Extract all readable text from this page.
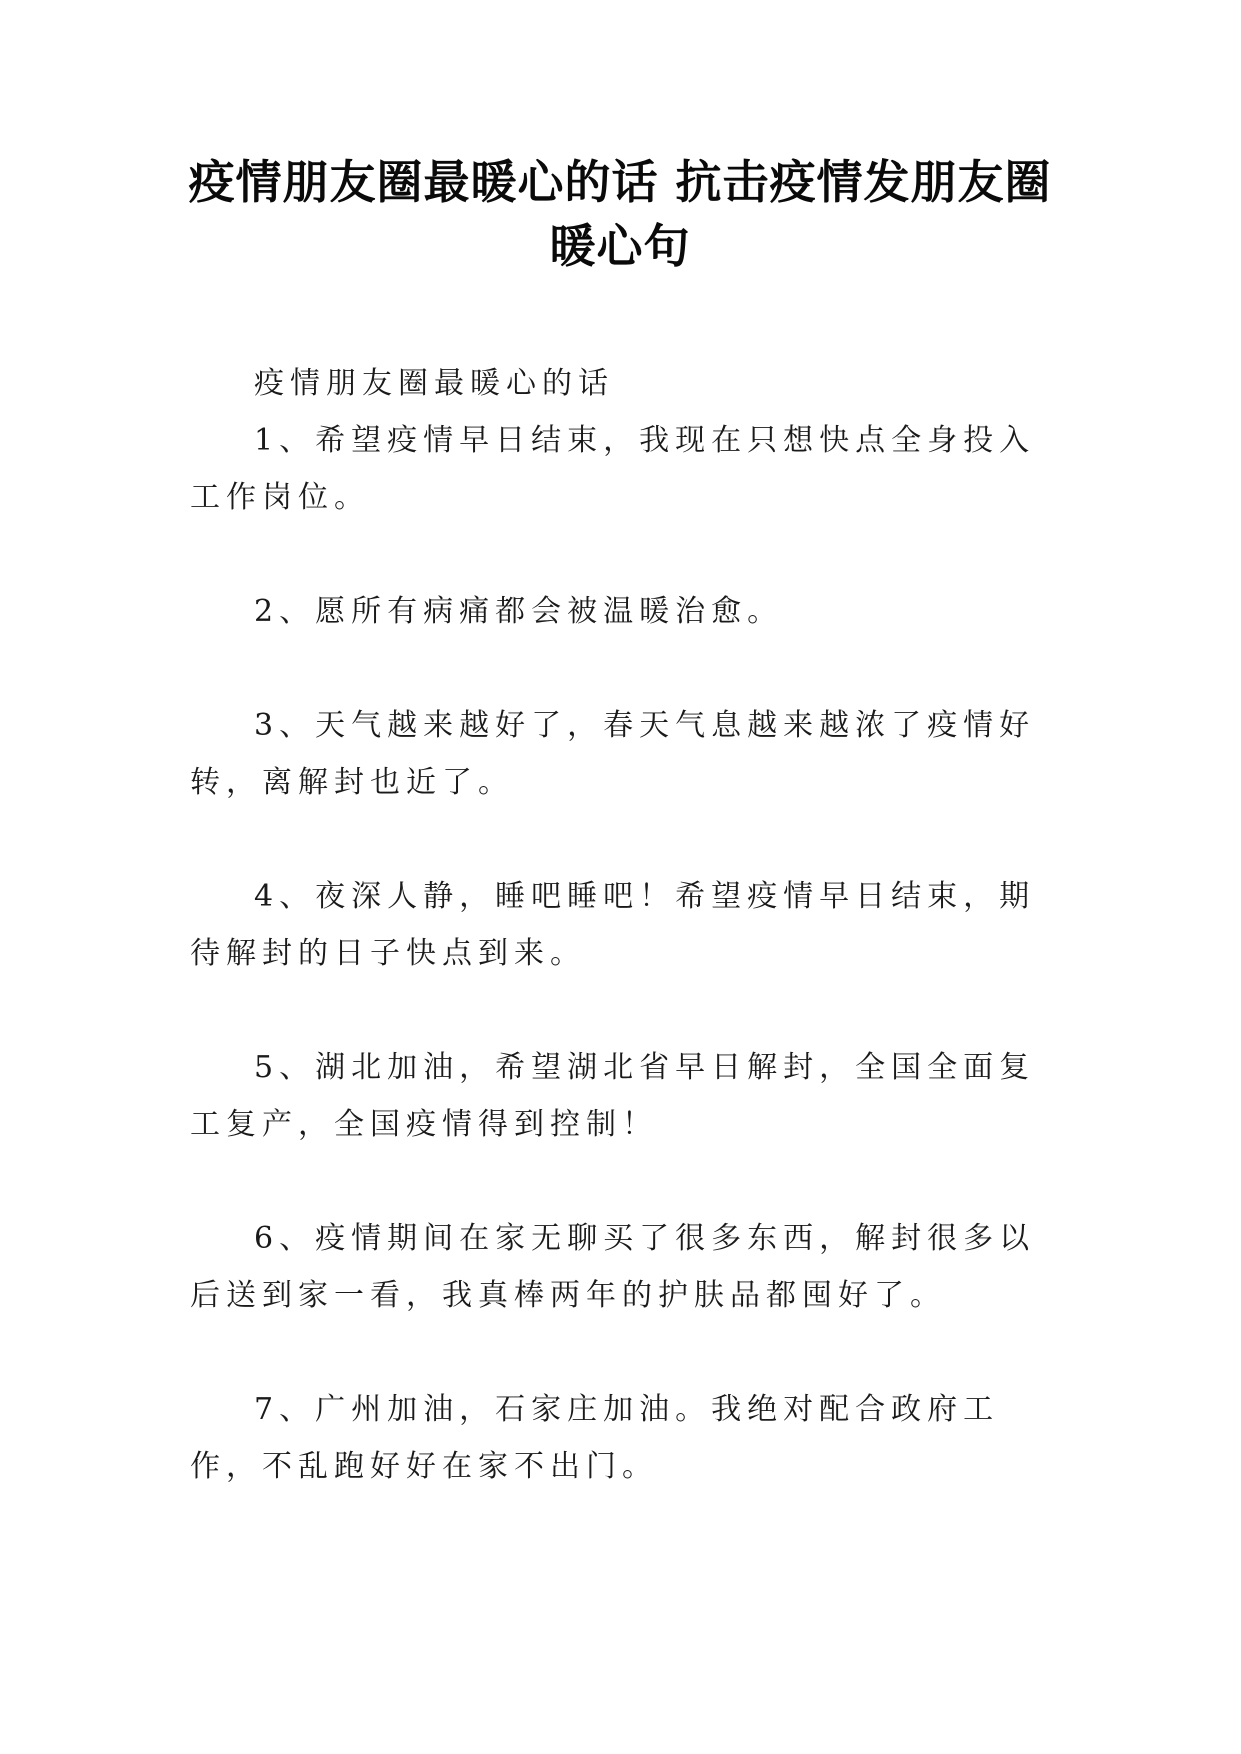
疫情朋友圈最暖心的话 抗击疫情发朋友圈暖心句

疫情朋友圈最暖心的话

1、希望疫情早日结束，我现在只想快点全身投入工作岗位。

2、愿所有病痛都会被温暖治愈。

3、天气越来越好了，春天气息越来越浓了疫情好转，离解封也近了。

4、夜深人静，睡吧睡吧！希望疫情早日结束，期待解封的日子快点到来。

5、湖北加油，希望湖北省早日解封，全国全面复工复产，全国疫情得到控制！

6、疫情期间在家无聊买了很多东西，解封很多以后送到家一看，我真棒两年的护肤品都囤好了。

7、广州加油，石家庄加油。我绝对配合政府工作，不乱跑好好在家不出门。
